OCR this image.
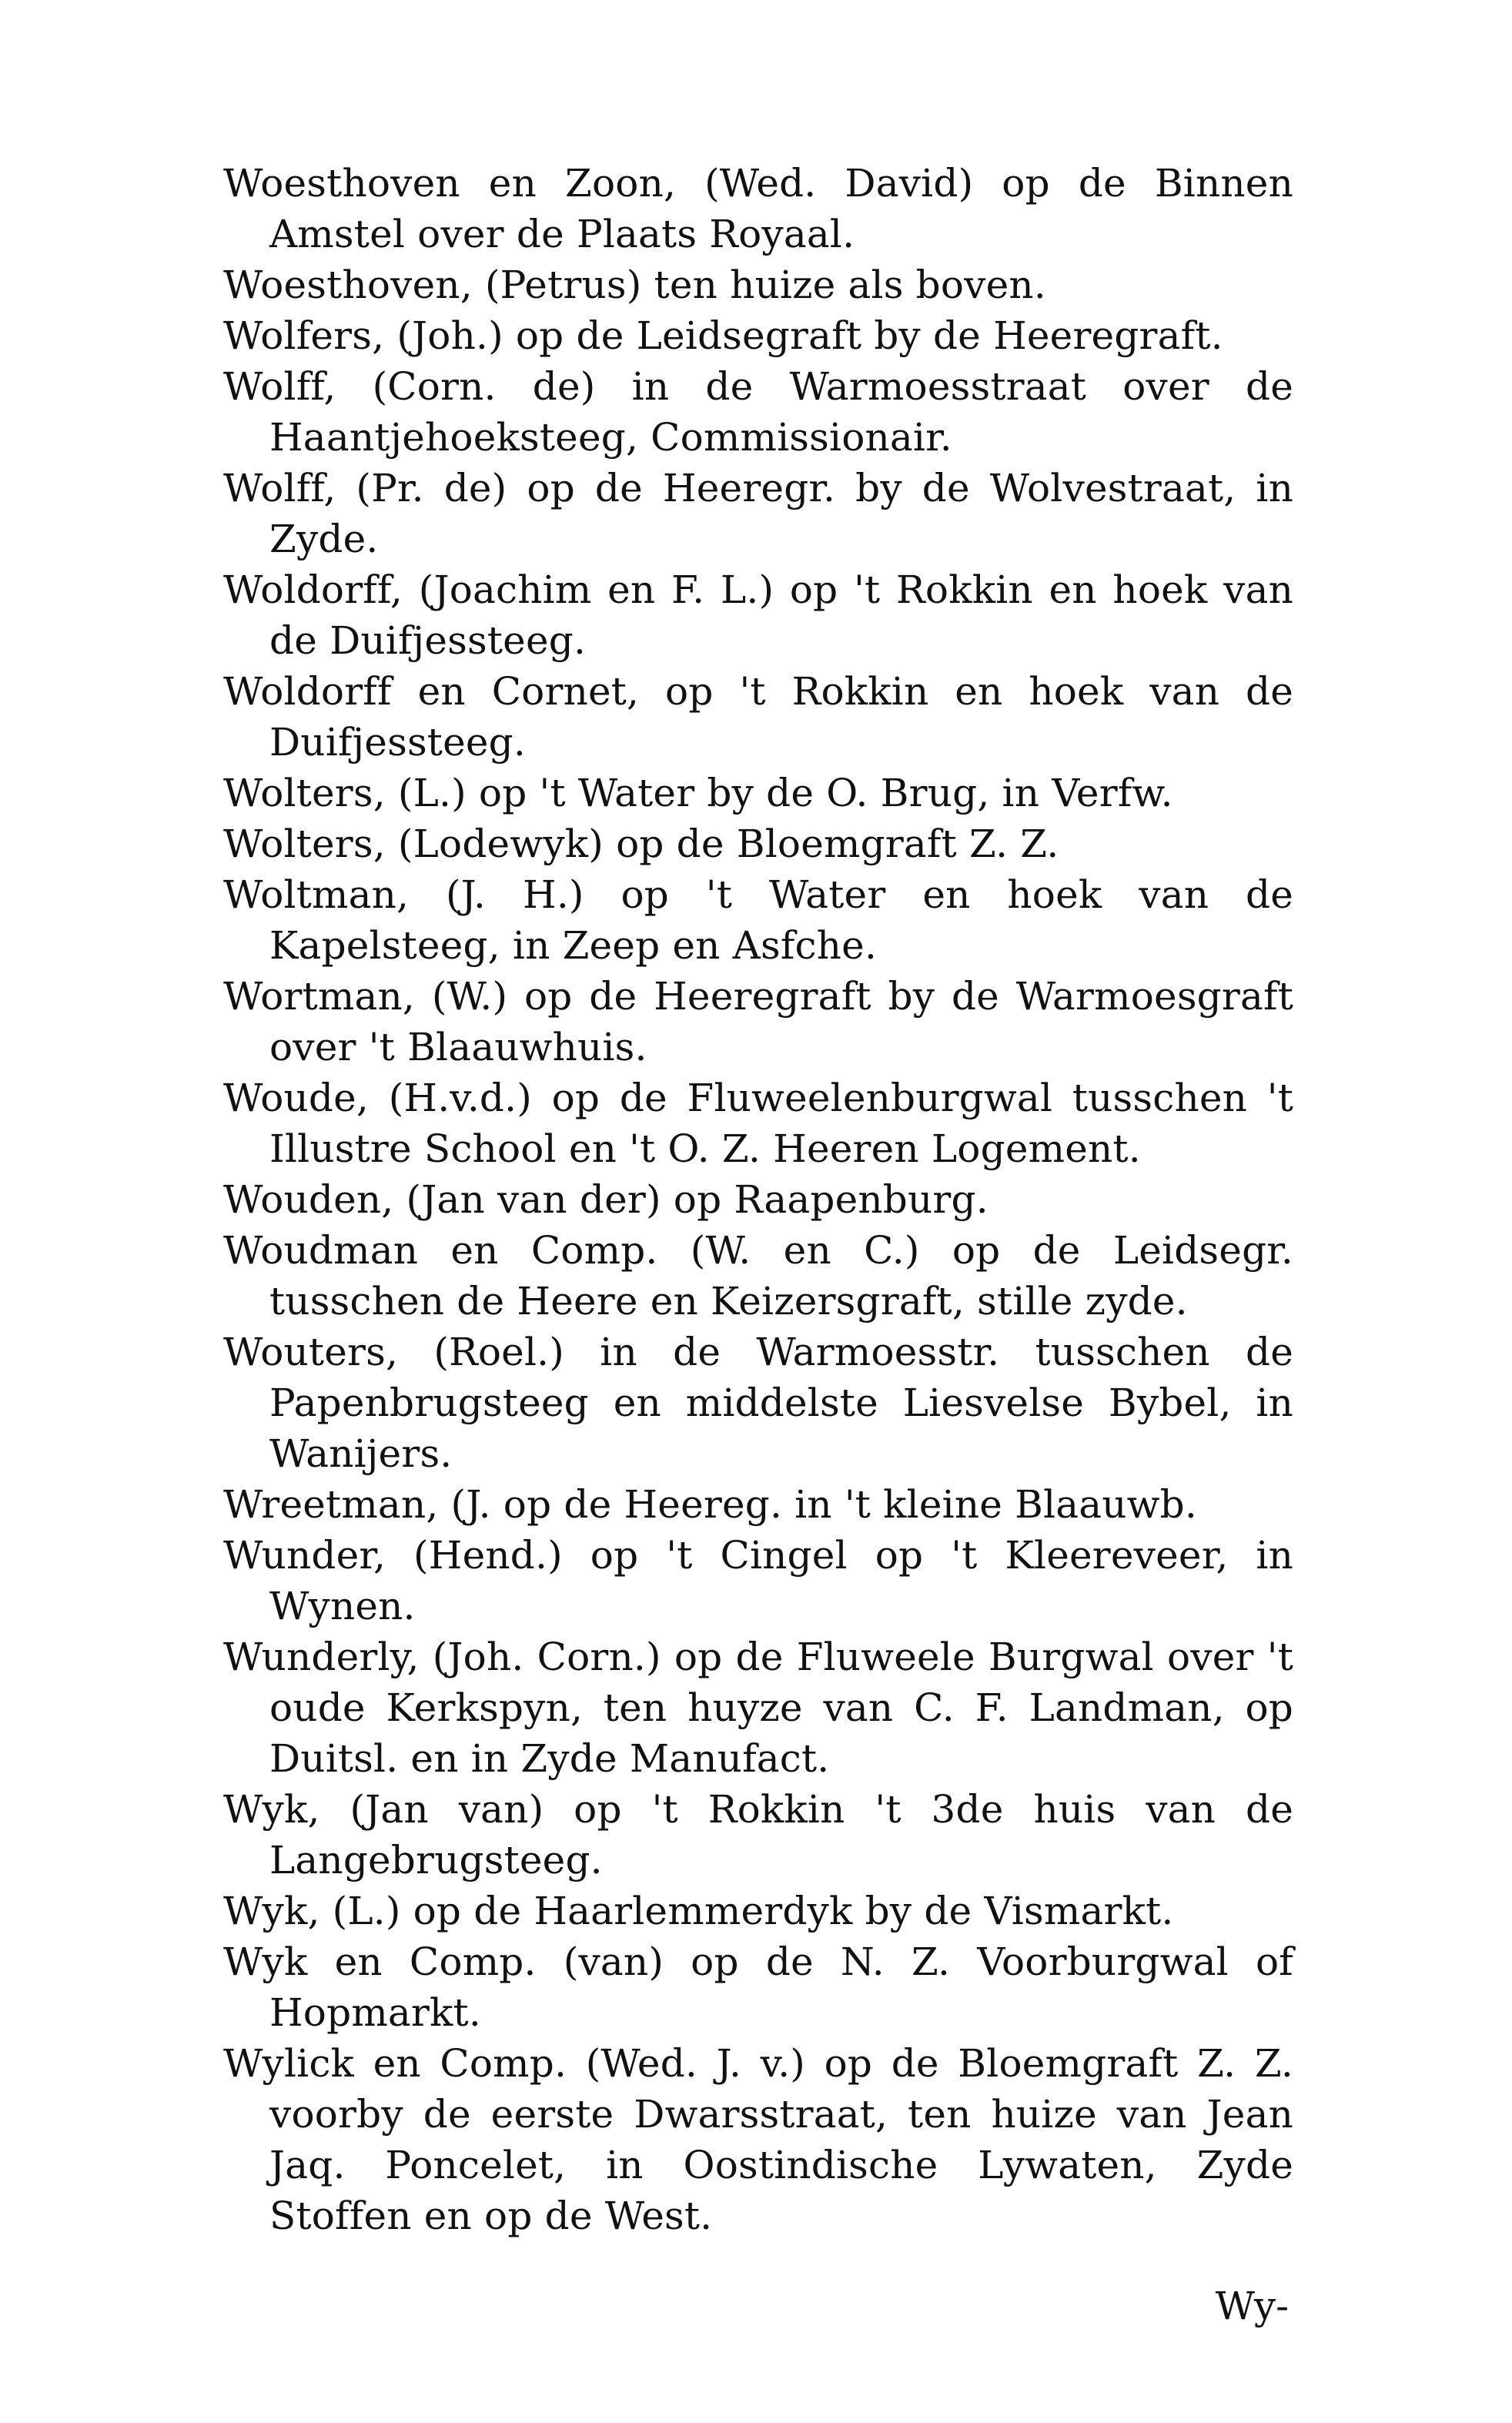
Woesthoven en Zoon, (Wed. David) op de Binnen Amstel over de Plaats Royaal.

Woesthoven, (Petrus) ten huize als boven.

Wolfers, (Joh.) op de Leidsegraft by de Heeregraft.

Wolff, (Corn. de) in de Warmoesstraat over de Haantjehoeksteeg, Commissionair.

Wolff, (Pr. de) op de Heeregr. by de Wolvestraat, in Zyde.

Woldorff, (Joachim en F. L.) op 't Rokkin en hoek van de Duifjessteeg.

Woldorff en Cornet, op 't Rokkin en hoek van de Duifjessteeg.

Wolters, (L.) op 't Water by de O. Brug, in Verfw.

Wolters, (Lodewyk) op de Bloemgraft Z. Z.

Woltman, (J. H.) op 't Water en hoek van de Kapelsteeg, in Zeep en Asfche.

Wortman, (W.) op de Heeregraft by de Warmoesgraft over 't Blaauwhuis.

Woude, (H.v.d.) op de Fluweelenburgwal tusschen 't Illustre School en 't O. Z. Heeren Logement.

Wouden, (Jan van der) op Raapenburg.

Woudman en Comp. (W. en C.) op de Leidsegr. tusschen de Heere en Keizersgraft, stille zyde.

Wouters, (Roel.) in de Warmoesstr. tusschen de Papenbrugsteeg en middelste Liesvelse Bybel, in Wanijers.

Wreetman, (J. op de Heereg. in 't kleine Blaauwb.

Wunder, (Hend.) op 't Cingel op 't Kleereveer, in Wynen.

Wunderly, (Joh. Corn.) op de Fluweele Burgwal over 't oude Kerkspyn, ten huyze van C. F. Landman, op Duitsl. en in Zyde Manufact.

Wyk, (Jan van) op 't Rokkin 't 3de huis van de Langebrugsteeg.

Wyk, (L.) op de Haarlemmerdyk by de Vismarkt.

Wyk en Comp. (van) op de N. Z. Voorburgwal of Hopmarkt.

Wylick en Comp. (Wed. J. v.) op de Bloemgraft Z. Z. voorby de eerste Dwarsstraat, ten huize van Jean Jaq. Poncelet, in Oostindische Lywaten, Zyde Stoffen en op de West.

Wy-
